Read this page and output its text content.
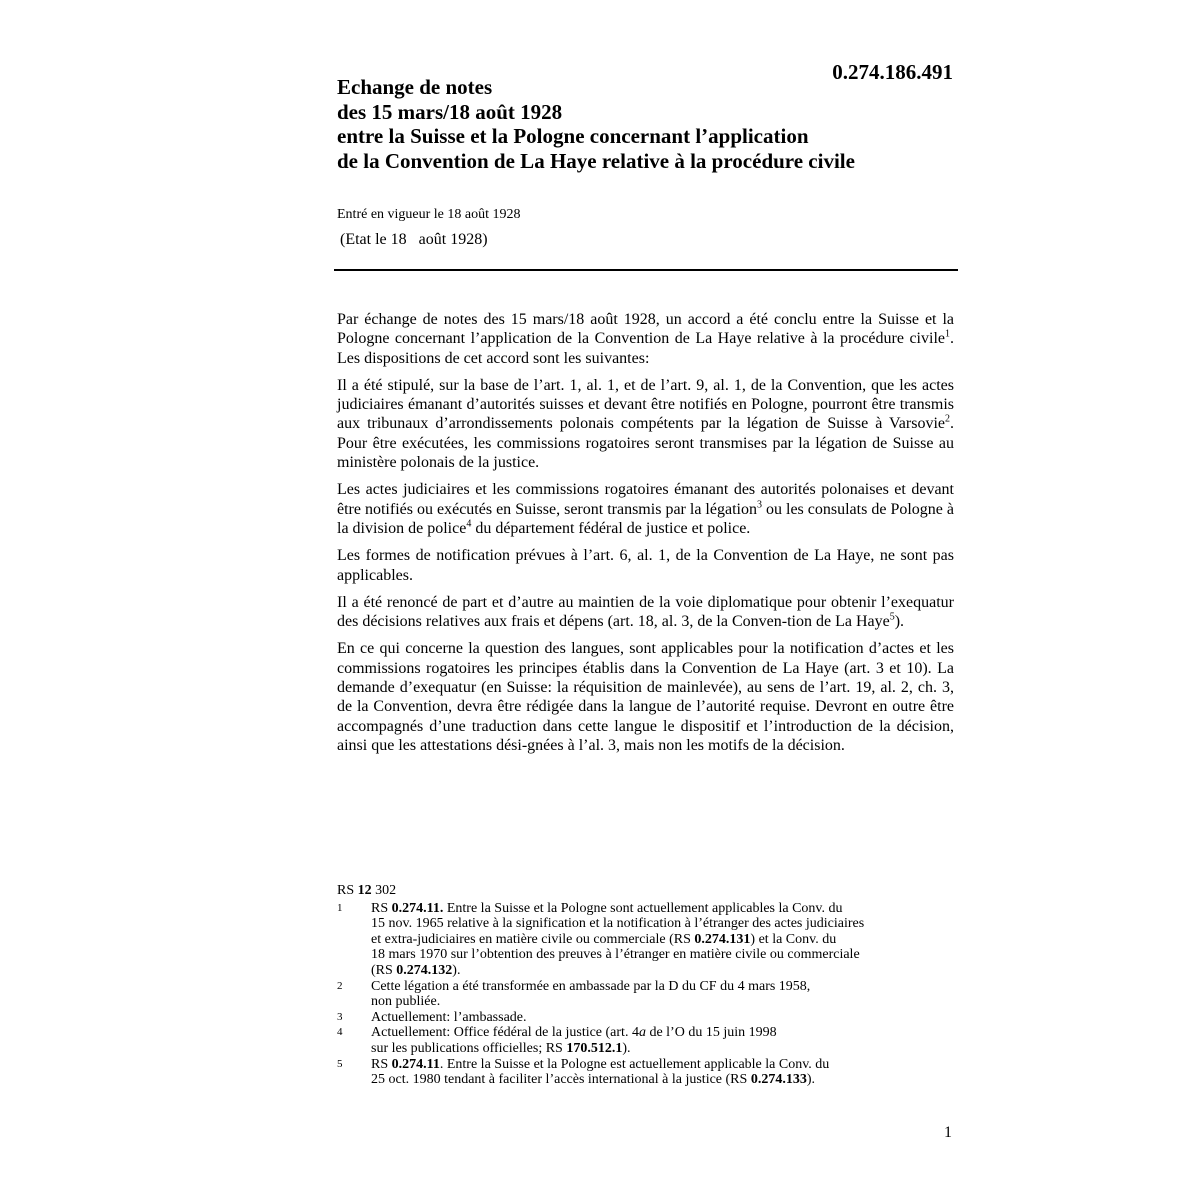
0.274.186.491
Echange de notes
des 15 mars/18 août 1928
entre la Suisse et la Pologne concernant l’application
de la Convention de La Haye relative à la procédure civile

Entré en vigueur le 18 août 1928

(Etat le 18   août 1928)

Par échange de notes des 15 mars/18 août 1928, un accord a été conclu entre la Suisse et la Pologne concernant l’application de la Convention de La Haye relative à la procédure civile$^1$. Les dispositions de cet accord sont les suivantes:

Il a été stipulé, sur la base de l’art. 1, al. 1, et de l’art. 9, al. 1, de la Convention, que les actes judiciaires émanant d’autorités suisses et devant être notifiés en Pologne, pourront être transmis aux tribunaux d’arrondissements polonais compétents par la légation de Suisse à Varsovie$^2$. Pour être exécutées, les commissions rogatoires seront transmises par la légation de Suisse au ministère polonais de la justice.

Les actes judiciaires et les commissions rogatoires émanant des autorités polonaises et devant être notifiés ou exécutés en Suisse, seront transmis par la légation$^3$ ou les consulats de Pologne à la division de police$^4$ du département fédéral de justice et police.

Les formes de notification prévues à l’art. 6, al. 1, de la Convention de La Haye, ne sont pas applicables.

Il a été renoncé de part et d’autre au maintien de la voie diplomatique pour obtenir l’exequatur des décisions relatives aux frais et dépens (art. 18, al. 3, de la Conven-tion de La Haye$^5$).

En ce qui concerne la question des langues, sont applicables pour la notification d’actes et les commissions rogatoires les principes établis dans la Convention de La Haye (art. 3 et 10). La demande d’exequatur (en Suisse: la réquisition de mainlevée), au sens de l’art. 19, al. 2, ch. 3, de la Convention, devra être rédigée dans la langue de l’autorité requise. Devront en outre être accompagnés d’une traduction dans cette langue le dispositif et l’introduction de la décision, ainsi que les attestations dési-gnées à l’al. 3, mais non les motifs de la décision.

RS 12 302

1	RS 0.274.11. Entre la Suisse et la Pologne sont actuellement applicables la Conv. du
15 nov. 1965 relative à la signification et la notification à l’étranger des actes judiciaires
et extra-judiciaires en matière civile ou commerciale (RS 0.274.131) et la Conv. du
18 mars 1970 sur l’obtention des preuves à l’étranger en matière civile ou commerciale
(RS 0.274.132).
2	Cette légation a été transformée en ambassade par la D du CF du 4 mars 1958,
non publiée.
3	Actuellement: l’ambassade.
4	Actuellement: Office fédéral de la justice (art. 4a de l’O du 15 juin 1998
sur les publications officielles; RS 170.512.1).
5	RS 0.274.11. Entre la Suisse et la Pologne est actuellement applicable la Conv. du
25 oct. 1980 tendant à faciliter l’accès international à la justice (RS 0.274.133).

1
